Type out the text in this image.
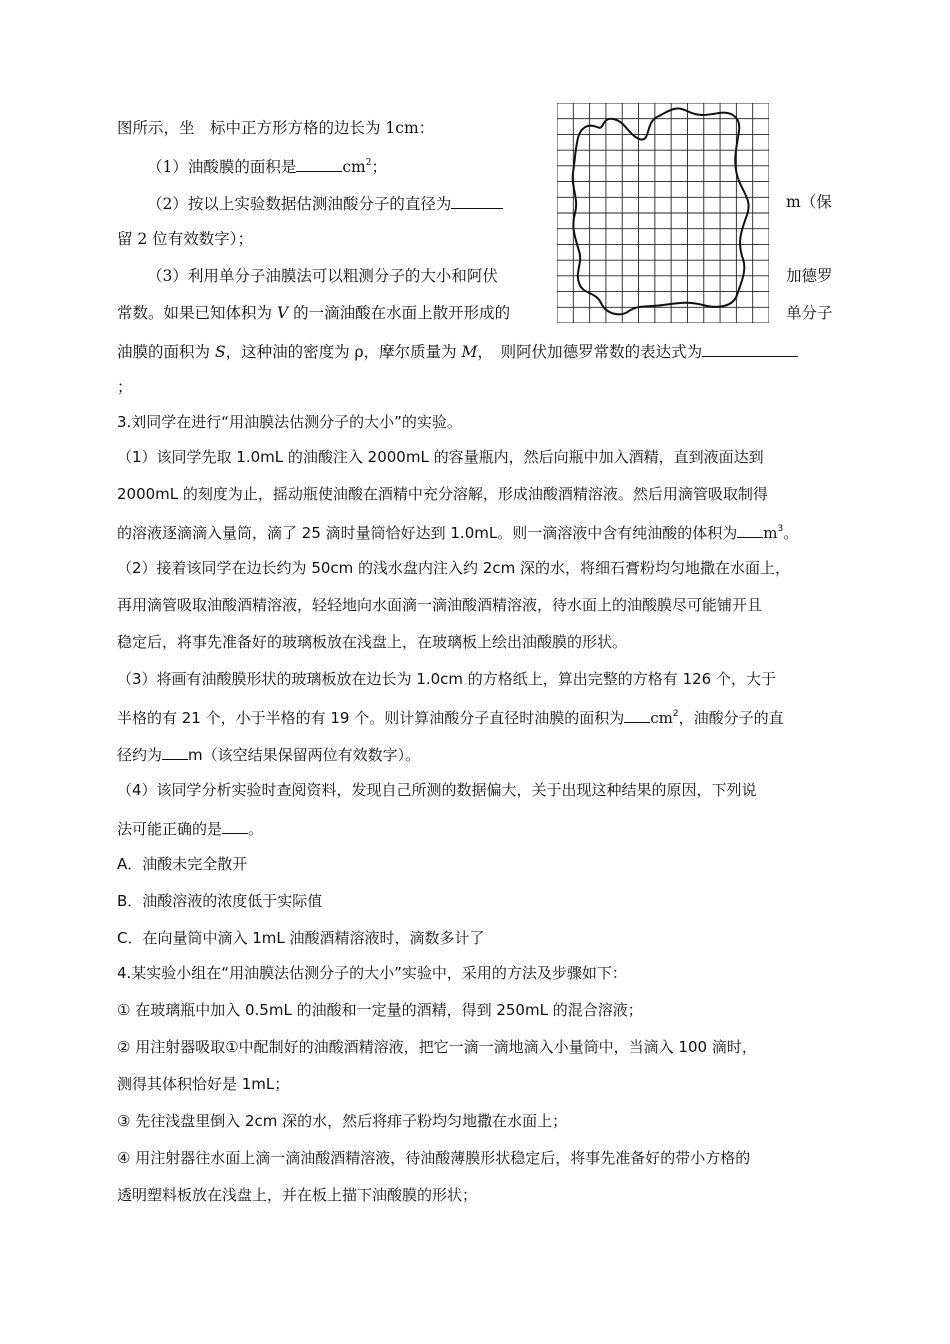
图所示，坐　标中正方形方格的边长为 1cm：
（1）油酸膜的面积是	$cm^2$；
（2）按以上实验数据估测油酸分子的直径为	m（保
留 2 位有效数字）；
（3）利用单分子油膜法可以粗测分子的大小和阿伏	加德罗
常数。如果已知体积为 V 的一滴油酸在水面上散开形成的	单分子
油膜的面积为 S，这种油的密度为 ρ，摩尔质量为 M，　则阿伏加德罗常数的表达式为
；
3.刘同学在进行“用油膜法估测分子的大小”的实验。
（1）该同学先取 1.0mL 的油酸注入 2000mL 的容量瓶内，然后向瓶中加入酒精，直到液面达到
2000mL 的刻度为止，摇动瓶使油酸在酒精中充分溶解，形成油酸酒精溶液。然后用滴管吸取制得
的溶液逐滴滴入量筒，滴了 25 滴时量筒恰好达到 1.0mL。则一滴溶液中含有纯油酸的体积为 $m^3$。
（2）接着该同学在边长约为 50cm 的浅水盘内注入约 2cm 深的水，将细石膏粉均匀地撒在水面上，
再用滴管吸取油酸酒精溶液，轻轻地向水面滴一滴油酸酒精溶液，待水面上的油酸膜尽可能铺开且
稳定后，将事先准备好的玻璃板放在浅盘上，在玻璃板上绘出油酸膜的形状。
（3）将画有油酸膜形状的玻璃板放在边长为 1.0cm 的方格纸上，算出完整的方格有 126 个，大于
半格的有 21 个，小于半格的有 19 个。则计算油酸分子直径时油膜的面积为 $cm^2$，油酸分子的直
径约为 m（该空结果保留两位有效数字）。
（4）该同学分析实验时查阅资料，发现自己所测的数据偏大，关于出现这种结果的原因，下列说
法可能正确的是 。
A．油酸未完全散开
B．油酸溶液的浓度低于实际值
C．在向量筒中滴入 1mL 油酸酒精溶液时，滴数多计了
4.某实验小组在“用油膜法估测分子的大小”实验中，采用的方法及步骤如下：
① 在玻璃瓶中加入 0.5mL 的油酸和一定量的酒精，得到 250mL 的混合溶液；
② 用注射器吸取①中配制好的油酸酒精溶液，把它一滴一滴地滴入小量筒中，当滴入 100 滴时，
测得其体积恰好是 1mL；
③ 先往浅盘里倒入 2cm 深的水，然后将痱子粉均匀地撒在水面上；
④ 用注射器往水面上滴一滴油酸酒精溶液，待油酸薄膜形状稳定后，将事先准备好的带小方格的
透明塑料板放在浅盘上，并在板上描下油酸膜的形状；
